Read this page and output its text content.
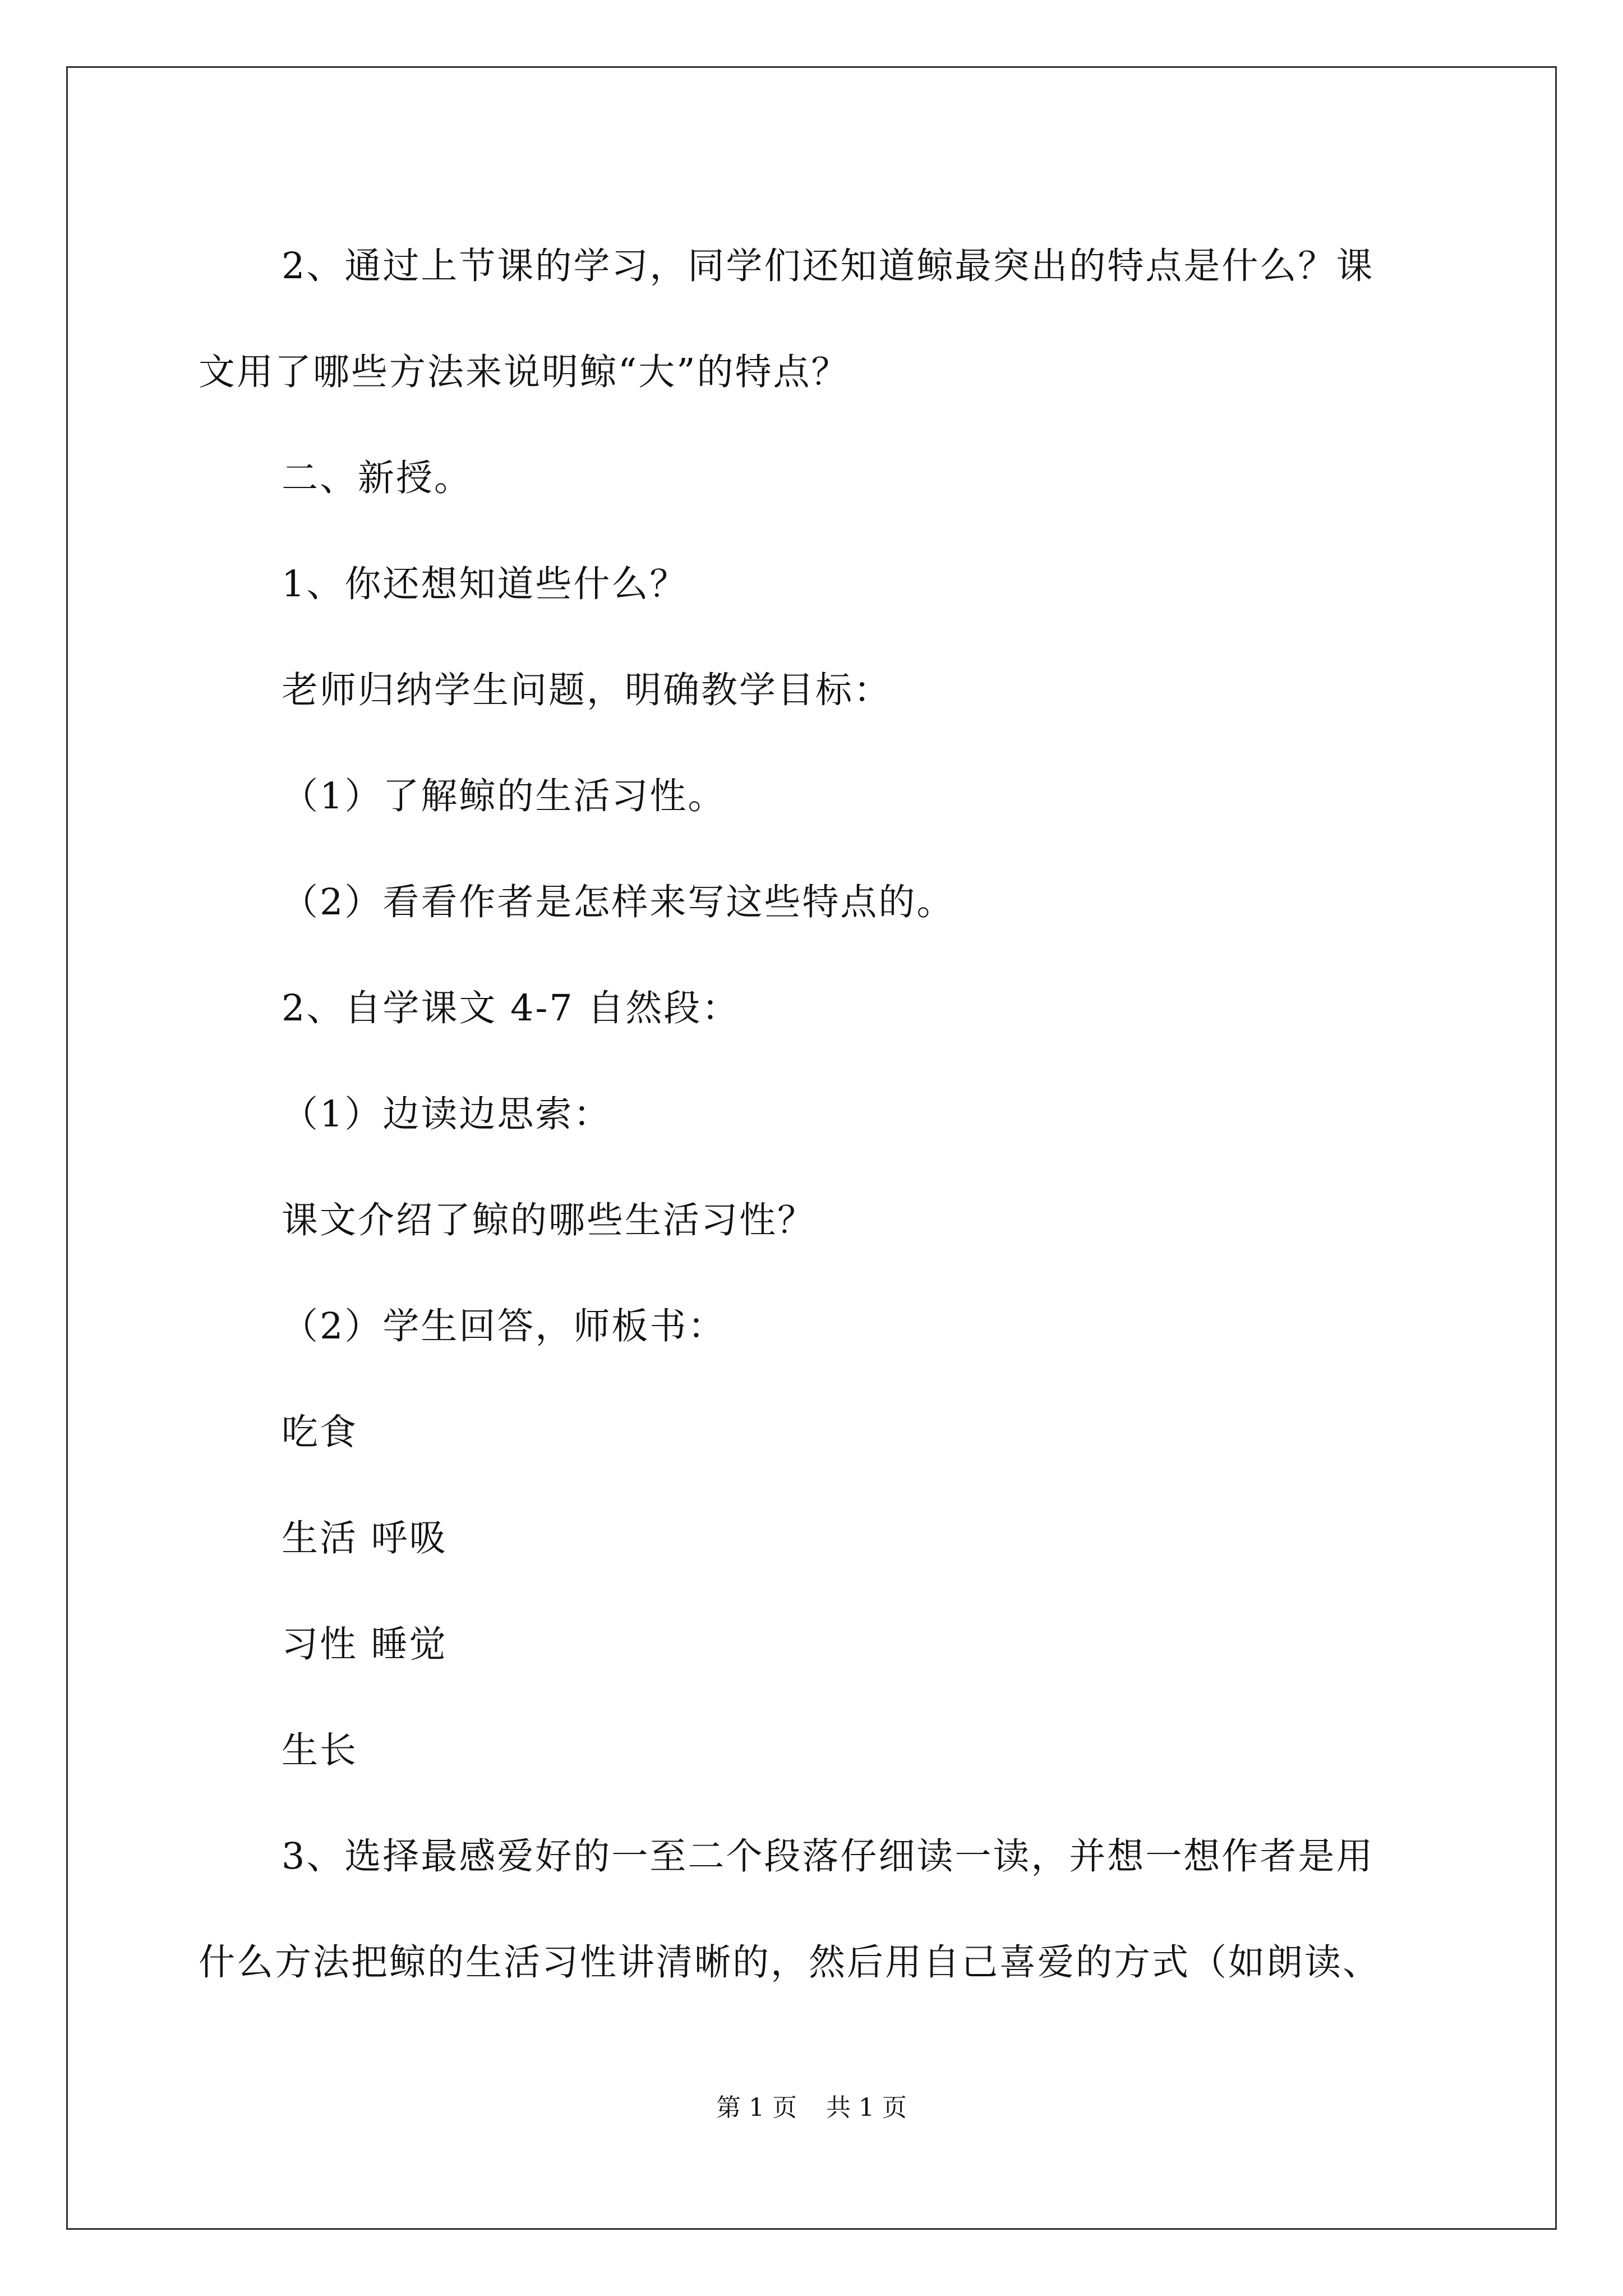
2、通过上节课的学习，同学们还知道鲸最突出的特点是什么？课
文用了哪些方法来说明鲸“大”的特点？
二、新授。
1、你还想知道些什么？
老师归纳学生问题，明确教学目标：
（1）了解鲸的生活习性。
（2）看看作者是怎样来写这些特点的。
2、自学课文 4-7 自然段：
（1）边读边思索：
课文介绍了鲸的哪些生活习性？
（2）学生回答，师板书：
吃食
生活 呼吸
习性 睡觉
生长
3、选择最感爱好的一至二个段落仔细读一读，并想一想作者是用
什么方法把鲸的生活习性讲清晰的，然后用自己喜爱的方式（如朗读、
第 1 页 共 1 页
